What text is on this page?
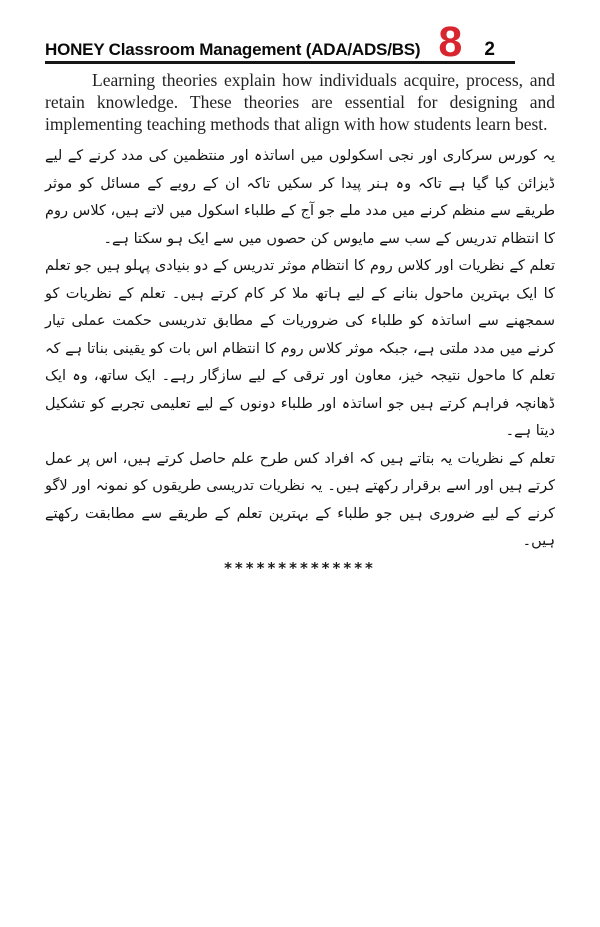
HONEY Classroom Management (ADA/ADS/BS) 8 2

Learning theories explain how individuals acquire, process, and retain knowledge. These theories are essential for designing and implementing teaching methods that align with how students learn best.

یہ کورس سرکاری اور نجی اسکولوں میں اساتذہ اور منتظمین کی مدد کرنے کے لیے ڈیزائن کیا گیا ہے تاکہ وہ ہنر پیدا کر سکیں تاکہ ان کے رویے کے مسائل کو موثر طریقے سے منظم کرنے میں مدد ملے جو آج کے طلباء اسکول میں لاتے ہیں، کلاس روم کا انتظام تدریس کے سب سے مایوس کن حصوں میں سے ایک ہو سکتا ہے۔

تعلم کے نظریات اور کلاس روم کا انتظام موثر تدریس کے دو بنیادی پہلو ہیں جو تعلم کا ایک بہترین ماحول بنانے کے لیے ہاتھ ملا کر کام کرتے ہیں۔ تعلم کے نظریات کو سمجھنے سے اساتذہ کو طلباء کی ضروریات کے مطابق تدریسی حکمت عملی تیار کرنے میں مدد ملتی ہے، جبکہ موثر کلاس روم کا انتظام اس بات کو یقینی بناتا ہے کہ تعلم کا ماحول نتیجہ خیز، معاون اور ترقی کے لیے سازگار رہے۔ ایک ساتھ، وہ ایک ڈھانچہ فراہم کرتے ہیں جو اساتذہ اور طلباء دونوں کے لیے تعلیمی تجربے کو تشکیل دیتا ہے۔

تعلم کے نظریات یہ بتاتے ہیں کہ افراد کس طرح علم حاصل کرتے ہیں، اس پر عمل کرتے ہیں اور اسے برقرار رکھتے ہیں۔ یہ نظریات تدریسی طریقوں کو نمونہ اور لاگو کرنے کے لیے ضروری ہیں جو طلباء کے بہترین تعلم کے طریقے سے مطابقت رکھتے ہیں۔

**************
